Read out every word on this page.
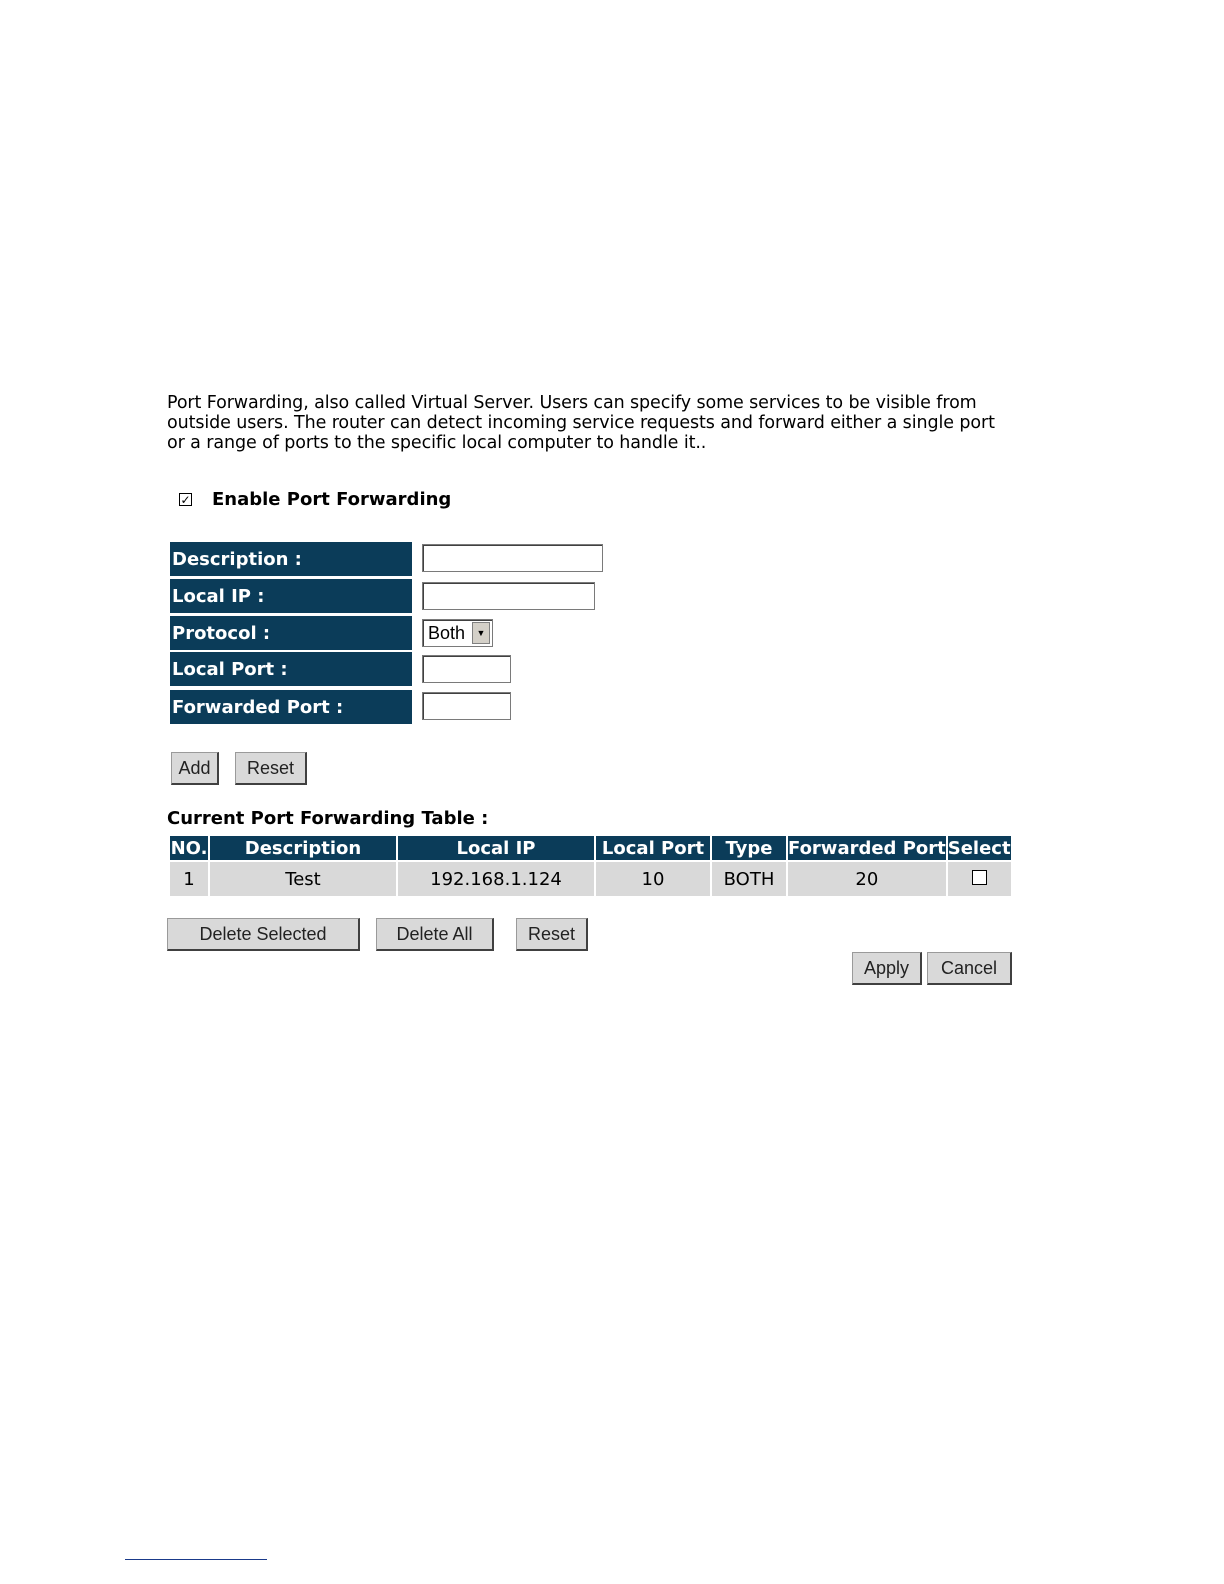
Port Forwarding, also called Virtual Server. Users can specify some services to be visible from
outside users. The router can detect incoming service requests and forward either a single port
or a range of ports to the specific local computer to handle it..
✓ Enable Port Forwarding
Description :
Local IP :
Protocol :	Both	▼
Local Port :
Forwarded Port :
Add	Reset
Current Port Forwarding Table :
NO.	Description	Local IP	Local Port	Type	Forwarded Port	Select
1	Test	192.168.1.124	10	BOTH	20	
Delete Selected	Delete All	Reset
Apply	Cancel
